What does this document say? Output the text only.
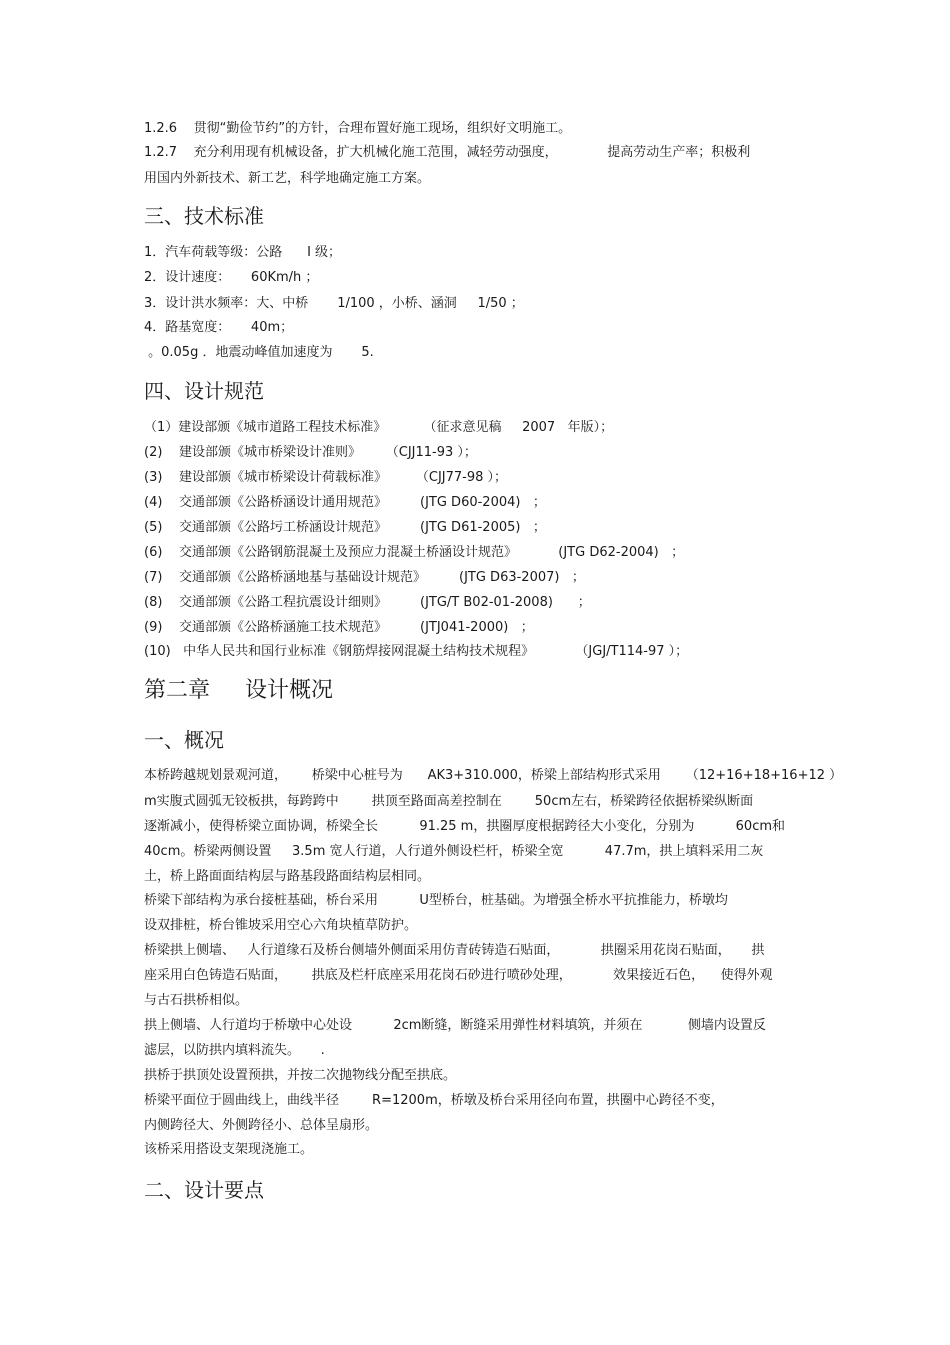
1.2.6    贯彻“勤俭节约”的方针，合理布置好施工现场，组织好文明施工。
1.2.7    充分利用现有机械设备，扩大机械化施工范围，减轻劳动强度，            提高劳动生产率；积极利
用国内外新技术、新工艺，科学地确定施工方案。
三、技术标准
1．汽车荷载等级：公路      Ⅰ 级；
2．设计速度：     60Km/h ；
3．设计洪水频率：大、中桥       1/100 ，小桥、涵洞     1/50 ；
4．路基宽度：     40m；
。0.05g ．地震动峰值加速度为       5.
四、设计规范
（1）建设部颁《城市道路工程技术标准》         （征求意见稿     2007   年版）；
(2)    建设部颁《城市桥梁设计准则》      （CJJ11-93 ）；
(3)    建设部颁《城市桥梁设计荷载标准》       （CJJ77-98 ）；
(4)    交通部颁《公路桥涵设计通用规范》        (JTG D60-2004)   ；
(5)    交通部颁《公路圬工桥涵设计规范》        (JTG D61-2005)   ；
(6)    交通部颁《公路钢筋混凝土及预应力混凝土桥涵设计规范》          (JTG D62-2004)   ；
(7)    交通部颁《公路桥涵地基与基础设计规范》        (JTG D63-2007)   ；
(8)    交通部颁《公路工程抗震设计细则》        (JTG/T B02-01-2008)      ；
(9)    交通部颁《公路桥涵施工技术规范》        (JTJ041-2000)   ；
(10)   中华人民共和国行业标准《钢筋焊接网混凝土结构技术规程》          （JGJ/T114-97 ）；
第二章     设计概况
一、概况
本桥跨越规划景观河道，      桥梁中心桩号为      AK3+310.000，桥梁上部结构形式采用      （12+16+18+16+12 ）
m实腹式圆弧无铰板拱，每跨跨中        拱顶至路面高差控制在        50cm左右，桥梁跨径依据桥梁纵断面
逐渐减小，使得桥梁立面协调，桥梁全长          91.25 m，拱圈厚度根据跨径大小变化，分别为          60cm和
40cm。桥梁两侧设置     3.5m 宽人行道，人行道外侧设栏杆，桥梁全宽          47.7m，拱上填料采用二灰
土，桥上路面面结构层与路基段路面结构层相同。
桥梁下部结构为承台接桩基础，桥台采用          U型桥台，桩基础。为增强全桥水平抗推能力，桥墩均
设双排桩，桥台锥坡采用空心六角块植草防护。
桥梁拱上侧墙、   人行道缘石及桥台侧墙外侧面采用仿青砖铸造石贴面，          拱圈采用花岗石贴面，     拱
座采用白色铸造石贴面，      拱底及栏杆底座采用花岗石砂进行喷砂处理，          效果接近石色，    使得外观
与古石拱桥相似。
拱上侧墙、人行道均于桥墩中心处设          2cm断缝，断缝采用弹性材料填筑，并须在           侧墙内设置反
滤层，以防拱内填料流失。     .
拱桥于拱顶处设置预拱，并按二次抛物线分配至拱底。
桥梁平面位于圆曲线上，曲线半径        R=1200m，桥墩及桥台采用径向布置，拱圈中心跨径不变，
内侧跨径大、外侧跨径小、总体呈扇形。
该桥采用搭设支架现浇施工。
二、设计要点
